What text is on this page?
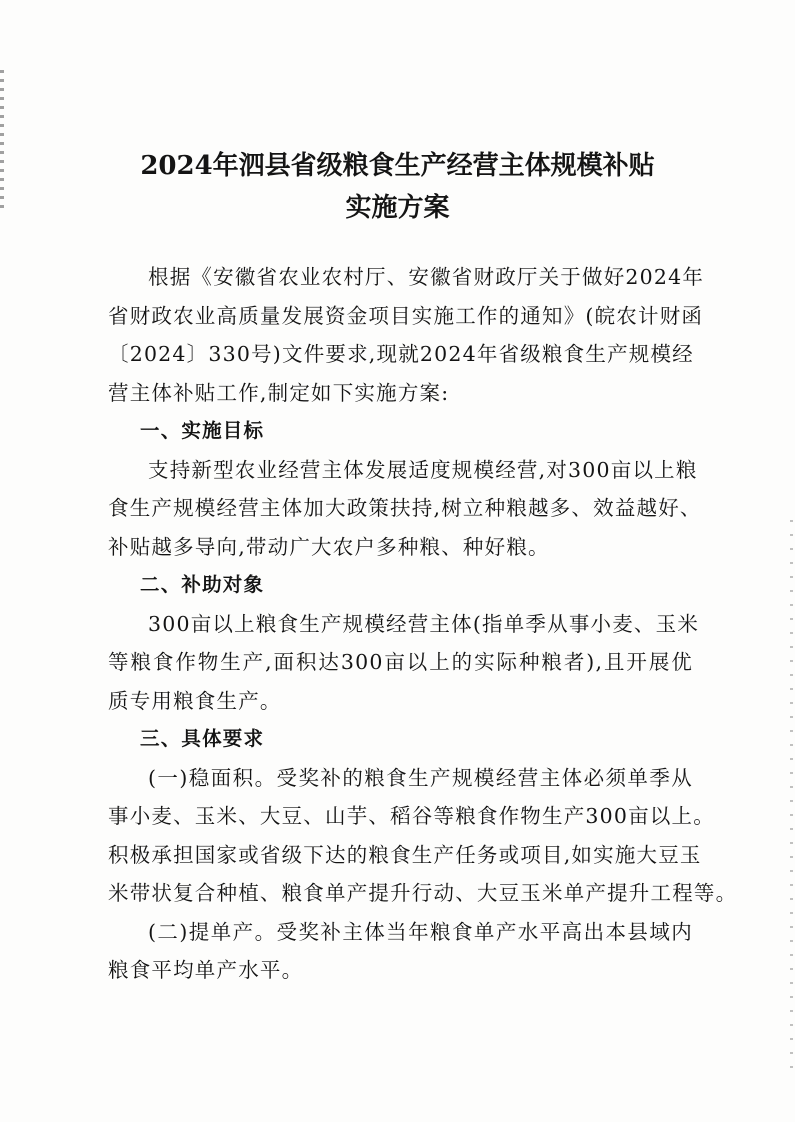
2024年泗县省级粮食生产经营主体规模补贴
实施方案
根据《安徽省农业农村厅、安徽省财政厅关于做好2024年
省财政农业高质量发展资金项目实施工作的通知》(皖农计财函
〔2024〕330号)文件要求,现就2024年省级粮食生产规模经
营主体补贴工作,制定如下实施方案:
一、实施目标
支持新型农业经营主体发展适度规模经营,对300亩以上粮
食生产规模经营主体加大政策扶持,树立种粮越多、效益越好、
补贴越多导向,带动广大农户多种粮、种好粮。
二、补助对象
300亩以上粮食生产规模经营主体(指单季从事小麦、玉米
等粮食作物生产,面积达300亩以上的实际种粮者),且开展优
质专用粮食生产。
三、具体要求
(一)稳面积。受奖补的粮食生产规模经营主体必须单季从
事小麦、玉米、大豆、山芋、稻谷等粮食作物生产300亩以上。
积极承担国家或省级下达的粮食生产任务或项目,如实施大豆玉
米带状复合种植、粮食单产提升行动、大豆玉米单产提升工程等。
(二)提单产。受奖补主体当年粮食单产水平高出本县域内
粮食平均单产水平。
